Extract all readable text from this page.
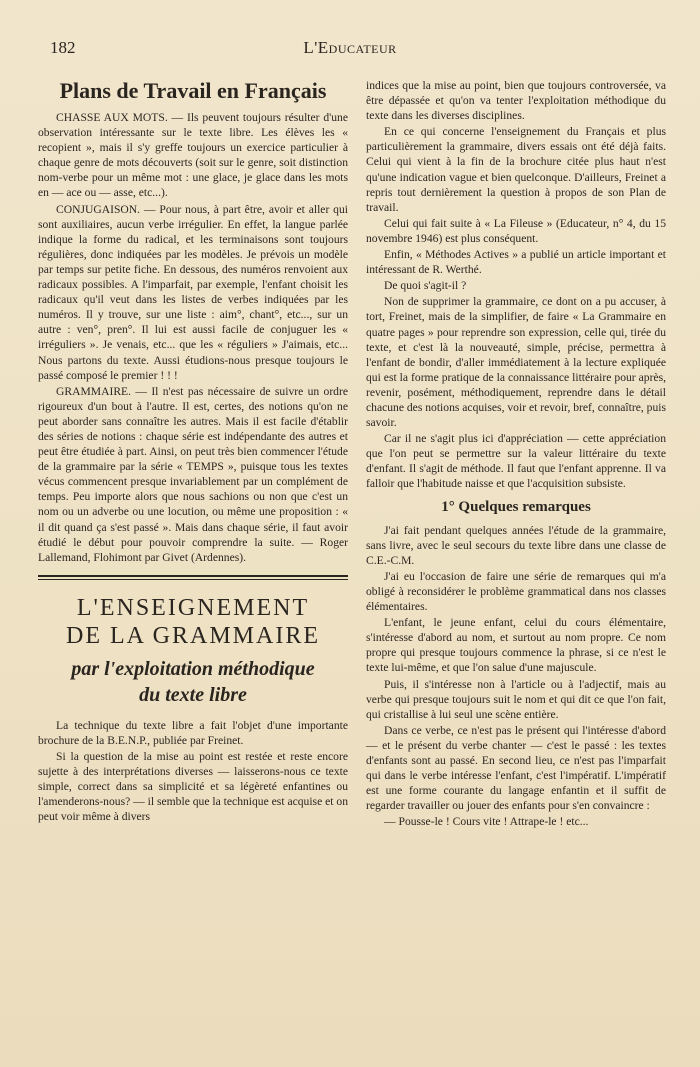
182	L'Educateur
Plans de Travail en Français

CHASSE AUX MOTS. — Ils peuvent toujours résulter d'une observation intéressante sur le texte libre. Les élèves les « recopient », mais il s'y greffe toujours un exercice particulier à chaque genre de mots découverts (soit sur le genre, soit distinction nom-verbe pour un même mot : une glace, je glace dans les mots en — ace ou — asse, etc...).

CONJUGAISON. — Pour nous, à part être, avoir et aller qui sont auxiliaires, aucun verbe irrégulier. En effet, la langue parlée indique la forme du radical, et les terminaisons sont toujours régulières, donc indiquées par les modèles. Je prévois un modèle par temps sur petite fiche. En dessous, des numéros renvoient aux radicaux possibles. A l'imparfait, par exemple, l'enfant choisit les radicaux qu'il veut dans les listes de verbes indiquées par les numéros. Il y trouve, sur une liste : aim°, chant°, etc..., sur un autre : ven°, pren°. Il lui est aussi facile de conjuguer les « irréguliers ». Je venais, etc... que les « réguliers » J'aimais, etc... Nous partons du texte. Aussi étudions-nous presque toujours le passé composé le premier ! ! !

GRAMMAIRE. — Il n'est pas nécessaire de suivre un ordre rigoureux d'un bout à l'autre. Il est, certes, des notions qu'on ne peut aborder sans connaître les autres. Mais il est facile d'établir des séries de notions : chaque série est indépendante des autres et peut être étudiée à part. Ainsi, on peut très bien commencer l'étude de la grammaire par la série « TEMPS », puisque tous les textes vécus commencent presque invariablement par un complément de temps. Peu importe alors que nous sachions ou non que c'est un nom ou un adverbe ou une locution, ou même une proposition : « il dit quand ça s'est passé ». Mais dans chaque série, il faut avoir étudié le début pour pouvoir comprendre la suite. — Roger Lallemand, Flohimont par Givet (Ardennes).

L'ENSEIGNEMENT
DE LA GRAMMAIRE
par l'exploitation méthodique
du texte libre

La technique du texte libre a fait l'objet d'une importante brochure de la B.E.N.P., publiée par Freinet.

Si la question de la mise au point est restée et reste encore sujette à des interprétations diverses — laisserons-nous ce texte simple, correct dans sa simplicité et sa légèreté enfantines ou l'amenderons-nous? — il semble que la technique est acquise et on peut voir même à divers

indices que la mise au point, bien que toujours controversée, va être dépassée et qu'on va tenter l'exploitation méthodique du texte dans les diverses disciplines.

En ce qui concerne l'enseignement du Français et plus particulièrement la grammaire, divers essais ont été déjà faits. Celui qui vient à la fin de la brochure citée plus haut n'est qu'une indication vague et bien quelconque. D'ailleurs, Freinet a repris tout dernièrement la question à propos de son Plan de travail.

Celui qui fait suite à « La Fileuse » (Educateur, n° 4, du 15 novembre 1946) est plus conséquent.

Enfin, « Méthodes Actives » a publié un article important et intéressant de R. Werthé.

De quoi s'agit-il ?

Non de supprimer la grammaire, ce dont on a pu accuser, à tort, Freinet, mais de la simplifier, de faire « La Grammaire en quatre pages » pour reprendre son expression, celle qui, tirée du texte, et c'est là la nouveauté, simple, précise, permettra à l'enfant de bondir, d'aller immédiatement à la lecture expliquée qui est la forme pratique de la connaissance littéraire pour après, revenir, posément, méthodiquement, reprendre dans le détail chacune des notions acquises, voir et revoir, bref, connaître, puis savoir.

Car il ne s'agit plus ici d'appréciation — cette appréciation que l'on peut se permettre sur la valeur littéraire du texte d'enfant. Il s'agit de méthode. Il faut que l'enfant apprenne. Il va falloir que l'habitude naisse et que l'acquisition subsiste.

1° Quelques remarques

J'ai fait pendant quelques années l'étude de la grammaire, sans livre, avec le seul secours du texte libre dans une classe de C.E.-C.M.

J'ai eu l'occasion de faire une série de remarques qui m'a obligé à reconsidérer le problème grammatical dans nos classes élémentaires.

L'enfant, le jeune enfant, celui du cours élémentaire, s'intéresse d'abord au nom, et surtout au nom propre. Ce nom propre qui presque toujours commence la phrase, si ce n'est le texte lui-même, et que l'on salue d'une majuscule.

Puis, il s'intéresse non à l'article ou à l'adjectif, mais au verbe qui presque toujours suit le nom et qui dit ce que l'on fait, qui cristallise à lui seul une scène entière.

Dans ce verbe, ce n'est pas le présent qui l'intéresse d'abord — et le présent du verbe chanter — c'est le passé : les textes d'enfants sont au passé. En second lieu, ce n'est pas l'imparfait qui dans le verbe intéresse l'enfant, c'est l'impératif. L'impératif est une forme courante du langage enfantin et il suffit de regarder travailler ou jouer des enfants pour s'en convaincre :

— Pousse-le ! Cours vite ! Attrape-le ! etc...
